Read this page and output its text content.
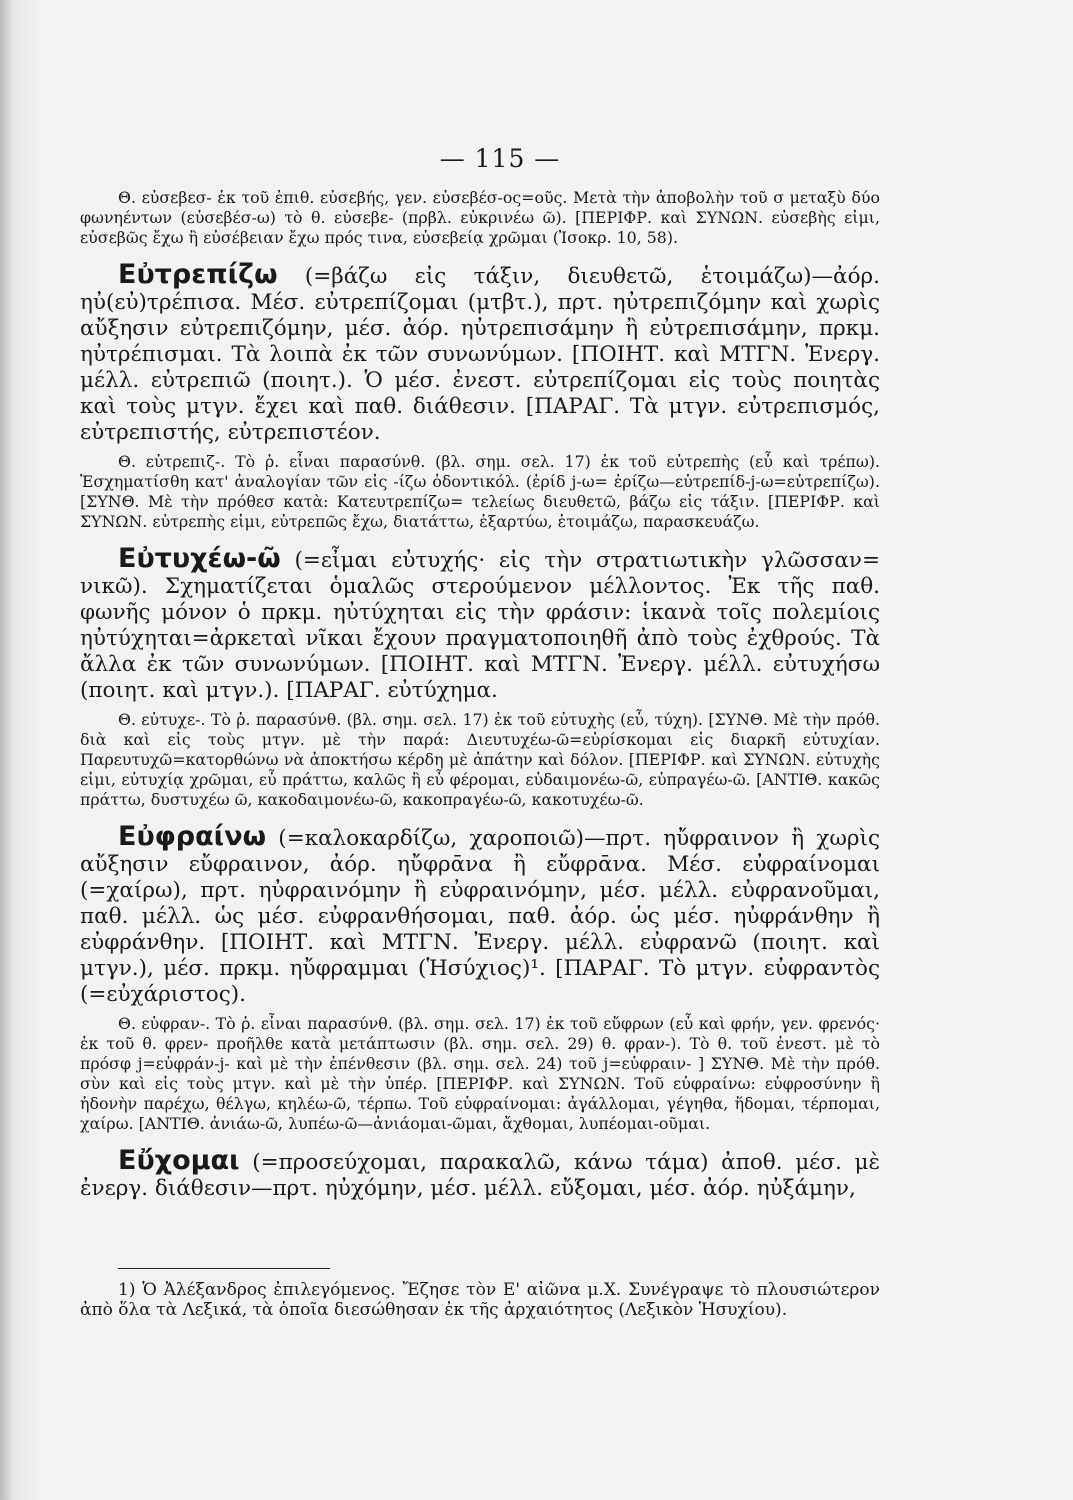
— 115 —

Θ. εὐσεβεσ- ἐκ τοῦ ἐπιθ. εὐσεβής, γεν. εὐσεβέσ-ος=οῦς. Μετὰ τὴν ἀποβολὴν τοῦ σ μεταξὺ δύο φωνηέντων (εὐσεβέσ-ω) τὸ θ. εὐσεβε- (πρβλ. εὐκρινέω ῶ). [ΠΕΡΙΦΡ. καὶ ΣΥΝΩΝ. εὐσεβὴς εἰμι, εὐσεβῶς ἔχω ἢ εὐσέβειαν ἔχω πρός τινα, εὐσεβείᾳ χρῶμαι (Ἰσοκρ. 10, 58).

Εὐτρεπίζω (=βάζω εἰς τάξιν, διευθετῶ, ἑτοιμάζω)—ἀόρ. ηὐ(εὐ)τρέπισα. Μέσ. εὐτρεπίζομαι (μτβτ.), πρτ. ηὐτρεπιζόμην καὶ χωρὶς αὔξησιν εὐτρεπιζόμην, μέσ. ἀόρ. ηὐτρεπισάμην ἢ εὐτρεπισάμην, πρκμ. ηὐτρέπισμαι. Τὰ λοιπὰ ἐκ τῶν συνωνύμων. [ΠΟΙΗΤ. καὶ ΜΤΓΝ. Ἐνεργ. μέλλ. εὐτρεπιῶ (ποιητ.). Ὁ μέσ. ἐνεστ. εὐτρεπίζομαι εἰς τοὺς ποιητὰς καὶ τοὺς μτγν. ἔχει καὶ παθ. διάθεσιν. [ΠΑΡΑΓ. Τὰ μτγν. εὐτρεπισμός, εὐτρεπιστής, εὐτρεπιστέον.

Θ. εὐτρεπιζ-. Τὸ ῥ. εἶναι παρασύνθ. (βλ. σημ. σελ. 17) ἐκ τοῦ εὐτρεπὴς (εὖ καὶ τρέπω). Ἐσχηματίσθη κατ' ἀναλογίαν τῶν εἰς -ίζω ὀδοντικόλ. (ἐρίδ j-ω= ἐρίζω—εὐτρεπίδ-j-ω=εὐτρεπίζω). [ΣΥΝΘ. Μὲ τὴν πρόθεσ κατὰ: Κατευτρεπίζω= τελείως διευθετῶ, βάζω εἰς τάξιν. [ΠΕΡΙΦΡ. καὶ ΣΥΝΩΝ. εὐτρεπὴς εἰμι, εὐτρεπῶς ἔχω, διατάττω, ἐξαρτύω, ἑτοιμάζω, παρασκευάζω.

Εὐτυχέω-ῶ (=εἶμαι εὐτυχής· εἰς τὴν στρατιωτικὴν γλῶσσαν= νικῶ). Σχηματίζεται ὁμαλῶς στερούμενον μέλλοντος. Ἐκ τῆς παθ. φωνῆς μόνον ὁ πρκμ. ηὐτύχηται εἰς τὴν φράσιν: ἱκανὰ τοῖς πολεμίοις ηὐτύχηται=ἀρκεταὶ νῖκαι ἔχουν πραγματοποιηθῆ ἀπὸ τοὺς ἐχθρούς. Τὰ ἄλλα ἐκ τῶν συνωνύμων. [ΠΟΙΗΤ. καὶ ΜΤΓΝ. Ἐνεργ. μέλλ. εὐτυχήσω (ποιητ. καὶ μτγν.). [ΠΑΡΑΓ. εὐτύχημα.

Θ. εὐτυχε-. Τὸ ῥ. παρασύνθ. (βλ. σημ. σελ. 17) ἐκ τοῦ εὐτυχὴς (εὖ, τύχη). [ΣΥΝΘ. Μὲ τὴν πρόθ. διὰ καὶ εἰς τοὺς μτγν. μὲ τὴν παρά: Διευτυχέω-ῶ=εὑρίσκομαι εἰς διαρκῆ εὐτυχίαν. Παρευτυχῶ=κατορθώνω νὰ ἀποκτήσω κέρδη μὲ ἀπάτην καὶ δόλον. [ΠΕΡΙΦΡ. καὶ ΣΥΝΩΝ. εὐτυχὴς εἰμι, εὐτυχίᾳ χρῶμαι, εὖ πράττω, καλῶς ἢ εὖ φέρομαι, εὐδαιμονέω-ῶ, εὐπραγέω-ῶ. [ΑΝΤΙΘ. κακῶς πράττω, δυστυχέω ῶ, κακοδαιμονέω-ῶ, κακοπραγέω-ῶ, κακοτυχέω-ῶ.

Εὐφραίνω (=καλοκαρδίζω, χαροποιῶ)—πρτ. ηὔφραινον ἢ χωρὶς αὔξησιν εὔφραινον, ἀόρ. ηὔφρᾱνα ἢ εὔφρᾱνα. Μέσ. εὐφραίνομαι (=χαίρω), πρτ. ηὐφραινόμην ἢ εὐφραινόμην, μέσ. μέλλ. εὐφρανοῦμαι, παθ. μέλλ. ὡς μέσ. εὐφρανθήσομαι, παθ. ἀόρ. ὡς μέσ. ηὐφράνθην ἢ εὐφράνθην. [ΠΟΙΗΤ. καὶ ΜΤΓΝ. Ἐνεργ. μέλλ. εὐφρανῶ (ποιητ. καὶ μτγν.), μέσ. πρκμ. ηὔφραμμαι (Ἡσύχιος)¹. [ΠΑΡΑΓ. Τὸ μτγν. εὐφραντὸς (=εὐχάριστος).

Θ. εὐφραν-. Τὸ ῥ. εἶναι παρασύνθ. (βλ. σημ. σελ. 17) ἐκ τοῦ εὔφρων (εὖ καὶ φρήν, γεν. φρενός· ἐκ τοῦ θ. φρεν- προῆλθε κατὰ μετάπτωσιν (βλ. σημ. σελ. 29) θ. φραν-). Τὸ θ. τοῦ ἐνεστ. μὲ τὸ πρόσφ j=εὐφράν-j- καὶ μὲ τὴν ἐπένθεσιν (βλ. σημ. σελ. 24) τοῦ j=εὐφραιν- ] ΣΥΝΘ. Μὲ τὴν πρόθ. σὺν καὶ εἰς τοὺς μτγν. καὶ μὲ τὴν ὑπέρ. [ΠΕΡΙΦΡ. καὶ ΣΥΝΩΝ. Τοῦ εὐφραίνω: εὐφροσύνην ἢ ἡδονὴν παρέχω, θέλγω, κηλέω-ῶ, τέρπω. Τοῦ εὐφραίνομαι: ἀγάλλομαι, γέγηθα, ἥδομαι, τέρπομαι, χαίρω. [ΑΝΤΙΘ. ἀνιάω-ῶ, λυπέω-ῶ—ἀνιάομαι-ῶμαι, ἄχθομαι, λυπέομαι-οῦμαι.

Εὔχομαι (=προσεύχομαι, παρακαλῶ, κάνω τάμα) ἀποθ. μέσ. μὲ ἐνεργ. διάθεσιν—πρτ. ηὐχόμην, μέσ. μέλλ. εὔξομαι, μέσ. ἀόρ. ηὐξάμην,

1) Ὁ Ἀλέξανδρος ἐπιλεγόμενος. Ἔζησε τὸν Ε' αἰῶνα μ.Χ. Συνέγραψε τὸ πλουσιώτερον ἀπὸ ὅλα τὰ Λεξικά, τὰ ὁποῖα διεσώθησαν ἐκ τῆς ἀρχαιότητος (Λεξικὸν Ἡσυχίου).
